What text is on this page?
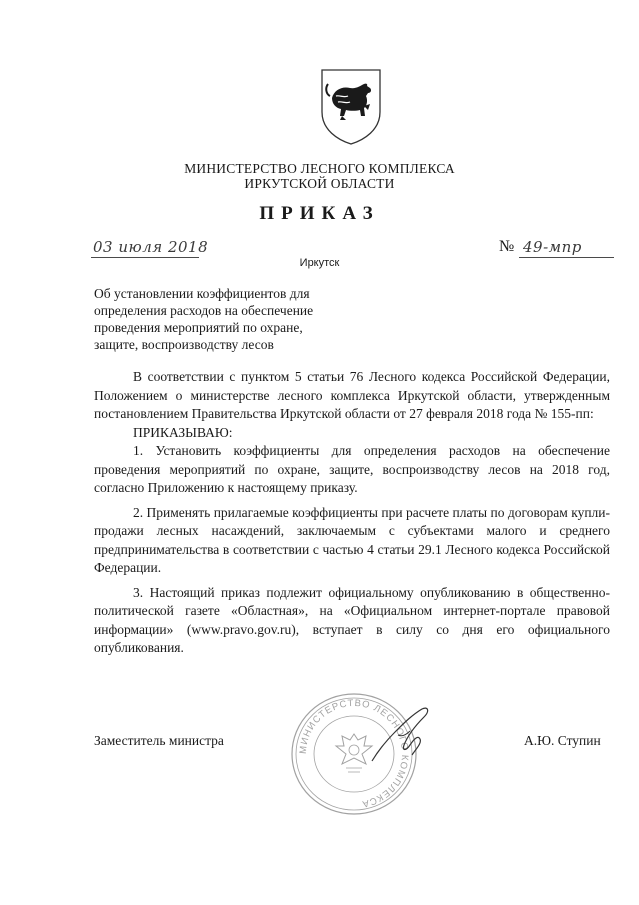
МИНИСТЕРСТВО ЛЕСНОГО КОМПЛЕКСА
ИРКУТСКОЙ ОБЛАСТИ
ПРИКАЗ
03 июля 2018	№ 49-мпр
Иркутск
Об установлении коэффициентов для
определения расходов на обеспечение
проведения мероприятий по охране,
защите, воспроизводству лесов

В соответствии с пунктом 5 статьи 76 Лесного кодекса Российской Федерации, Положением о министерстве лесного комплекса Иркутской области, утвержденным постановлением Правительства Иркутской области от 27 февраля 2018 года № 155-пп:

ПРИКАЗЫВАЮ:

1. Установить коэффициенты для определения расходов на обеспечение проведения мероприятий по охране, защите, воспроизводству лесов на 2018 год, согласно Приложению к настоящему приказу.

2. Применять прилагаемые коэффициенты при расчете платы по договорам купли-продажи лесных насаждений, заключаемым с субъектами малого и среднего предпринимательства в соответствии с частью 4 статьи 29.1 Лесного кодекса Российской Федерации.

3. Настоящий приказ подлежит официальному опубликованию в общественно-политической газете «Областная», на «Официальном интернет-портале правовой информации» (www.pravo.gov.ru), вступает в силу со дня его официального опубликования.

Заместитель министра	А.Ю. Ступин
МИНИСТЕРСТВО ЛЕСНОГО КОМПЛЕКСА
